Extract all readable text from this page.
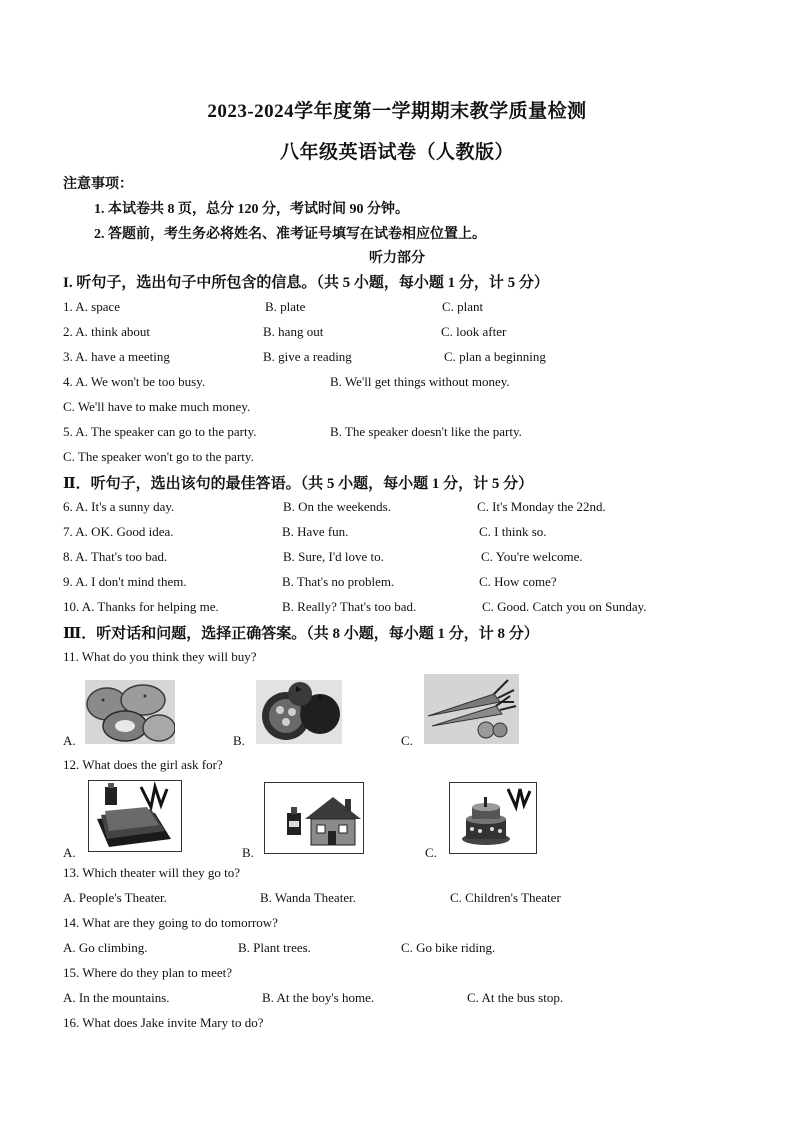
2023-2024学年度第一学期期末教学质量检测
八年级英语试卷（人教版）
注意事项：
1. 本试卷共 8 页，总分 120 分，考试时间 90 分钟。
2. 答题前，考生务必将姓名、准考证号填写在试卷相应位置上。
听力部分
I. 听句子，选出句子中所包含的信息。（共 5 小题，每小题 1 分，计 5 分）
1. A. space	B. plate	C. plant
2. A. think about	B. hang out	C. look after
3. A. have a meeting	B. give a reading	C. plan a beginning
4. A. We won't be too busy.	B. We'll get things without money.
C. We'll have to make much money.
5. A. The speaker can go to the party.	B. The speaker doesn't like the party.
C. The speaker won't go to the party.
Ⅱ．听句子，选出该句的最佳答语。（共 5 小题，每小题 1 分，计 5 分）
6. A. It's a sunny day.	B. On the weekends.	C. It's Monday the 22nd.
7. A. OK. Good idea.	B. Have fun.	C. I think so.
8. A. That's too bad.	B. Sure, I'd love to.	C. You're welcome.
9. A. I don't mind them.	B. That's no problem.	C. How come?
10. A. Thanks for helping me.	B. Really? That's too bad.	C. Good. Catch you on Sunday.
Ⅲ．听对话和问题，选择正确答案。（共 8 小题，每小题 1 分，计 8 分）
11. What do you think they will buy?
A.	B.	C.
12. What does the girl ask for?
A.	B.	C.
13. Which theater will they go to?
A. People's Theater.	B. Wanda Theater.	C. Children's Theater
14. What are they going to do tomorrow?
A. Go climbing.	B. Plant trees.	C. Go bike riding.
15. Where do they plan to meet?
A. In the mountains.	B. At the boy's home.	C. At the bus stop.
16. What does Jake invite Mary to do?
